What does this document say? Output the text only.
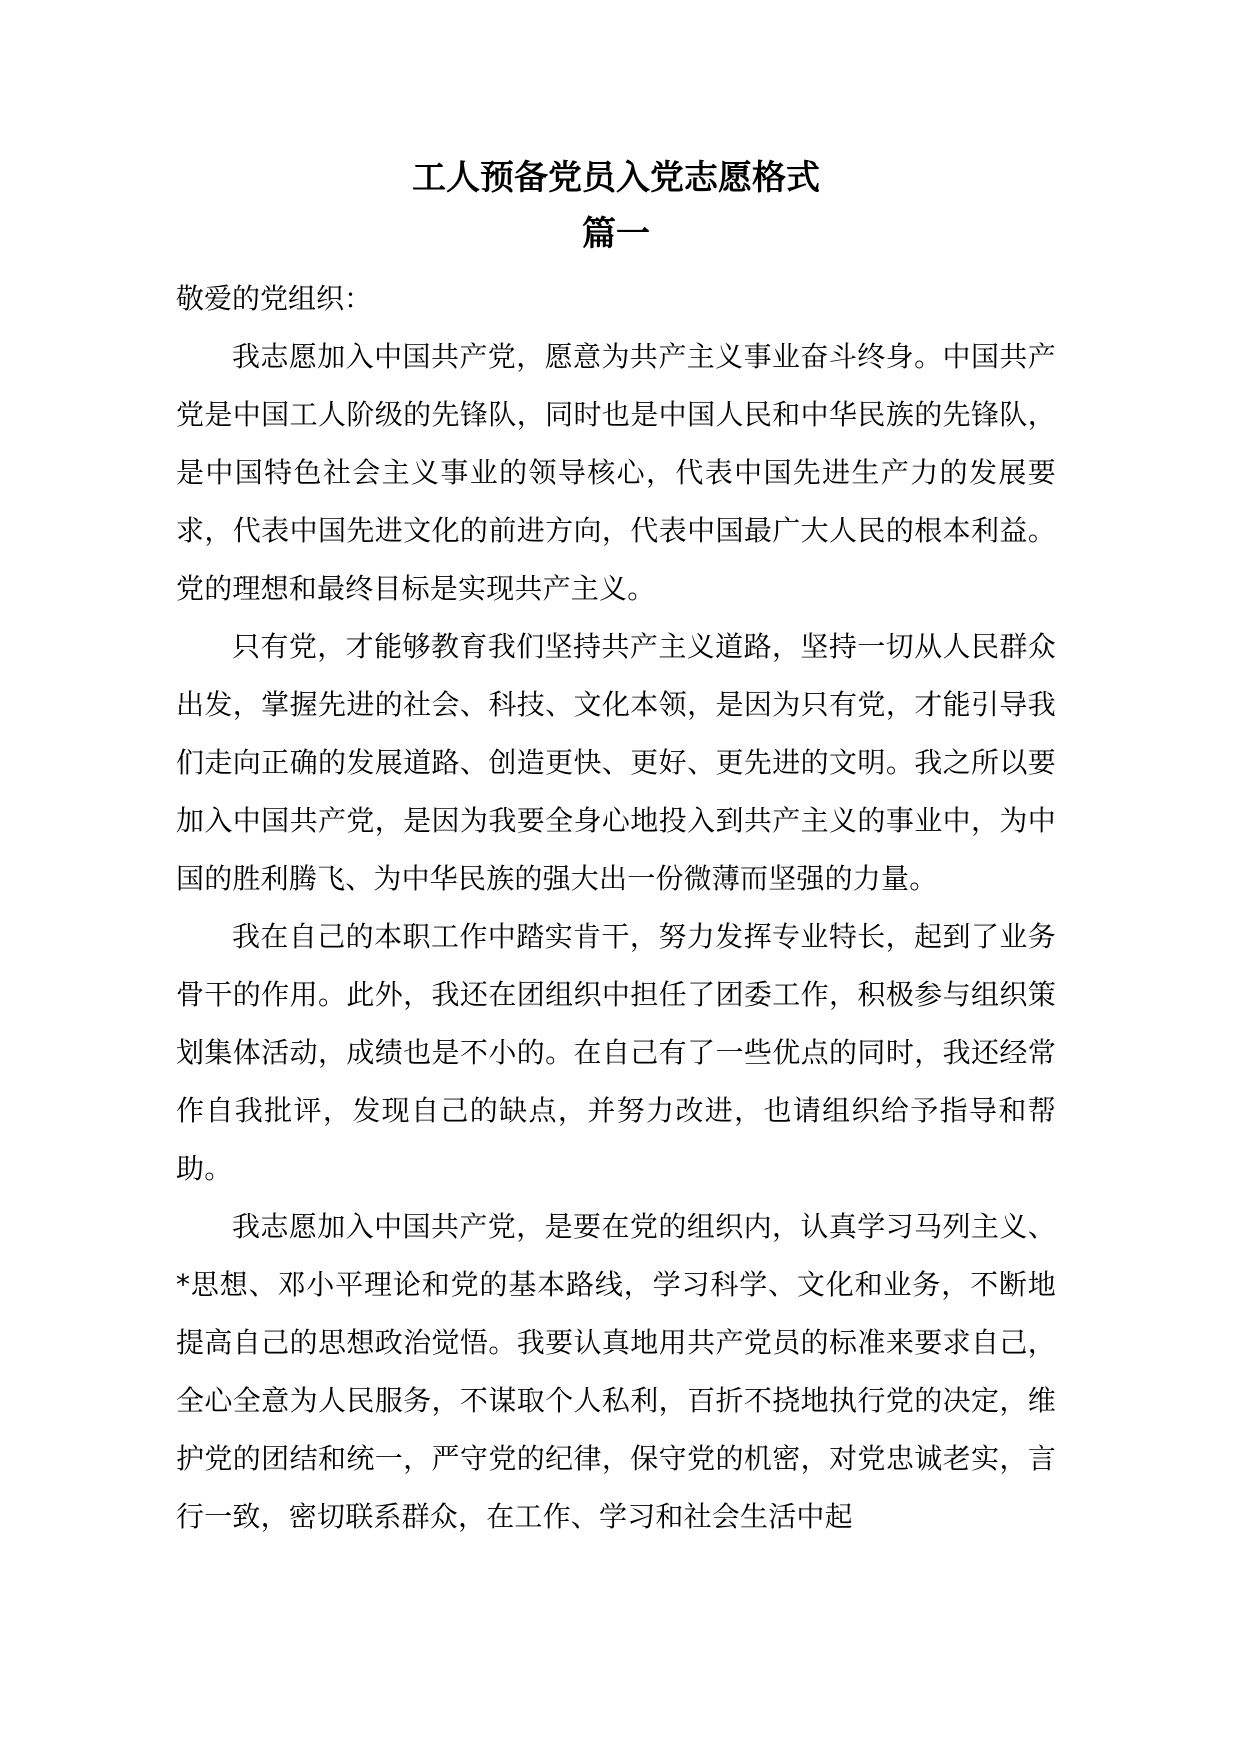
工人预备党员入党志愿格式
篇一

敬爱的党组织：

我志愿加入中国共产党，愿意为共产主义事业奋斗终身。中国共产党是中国工人阶级的先锋队，同时也是中国人民和中华民族的先锋队，是中国特色社会主义事业的领导核心，代表中国先进生产力的发展要求，代表中国先进文化的前进方向，代表中国最广大人民的根本利益。党的理想和最终目标是实现共产主义。

只有党，才能够教育我们坚持共产主义道路，坚持一切从人民群众出发，掌握先进的社会、科技、文化本领，是因为只有党，才能引导我们走向正确的发展道路、创造更快、更好、更先进的文明。我之所以要加入中国共产党，是因为我要全身心地投入到共产主义的事业中，为中国的胜利腾飞、为中华民族的强大出一份微薄而坚强的力量。

我在自己的本职工作中踏实肯干，努力发挥专业特长，起到了业务骨干的作用。此外，我还在团组织中担任了团委工作，积极参与组织策划集体活动，成绩也是不小的。在自己有了一些优点的同时，我还经常作自我批评，发现自己的缺点，并努力改进，也请组织给予指导和帮助。

我志愿加入中国共产党，是要在党的组织内，认真学习马列主义、*思想、邓小平理论和党的基本路线，学习科学、文化和业务，不断地提高自己的思想政治觉悟。我要认真地用共产党员的标准来要求自己，全心全意为人民服务，不谋取个人私利，百折不挠地执行党的决定，维护党的团结和统一，严守党的纪律，保守党的机密，对党忠诚老实，言行一致，密切联系群众，在工作、学习和社会生活中起
